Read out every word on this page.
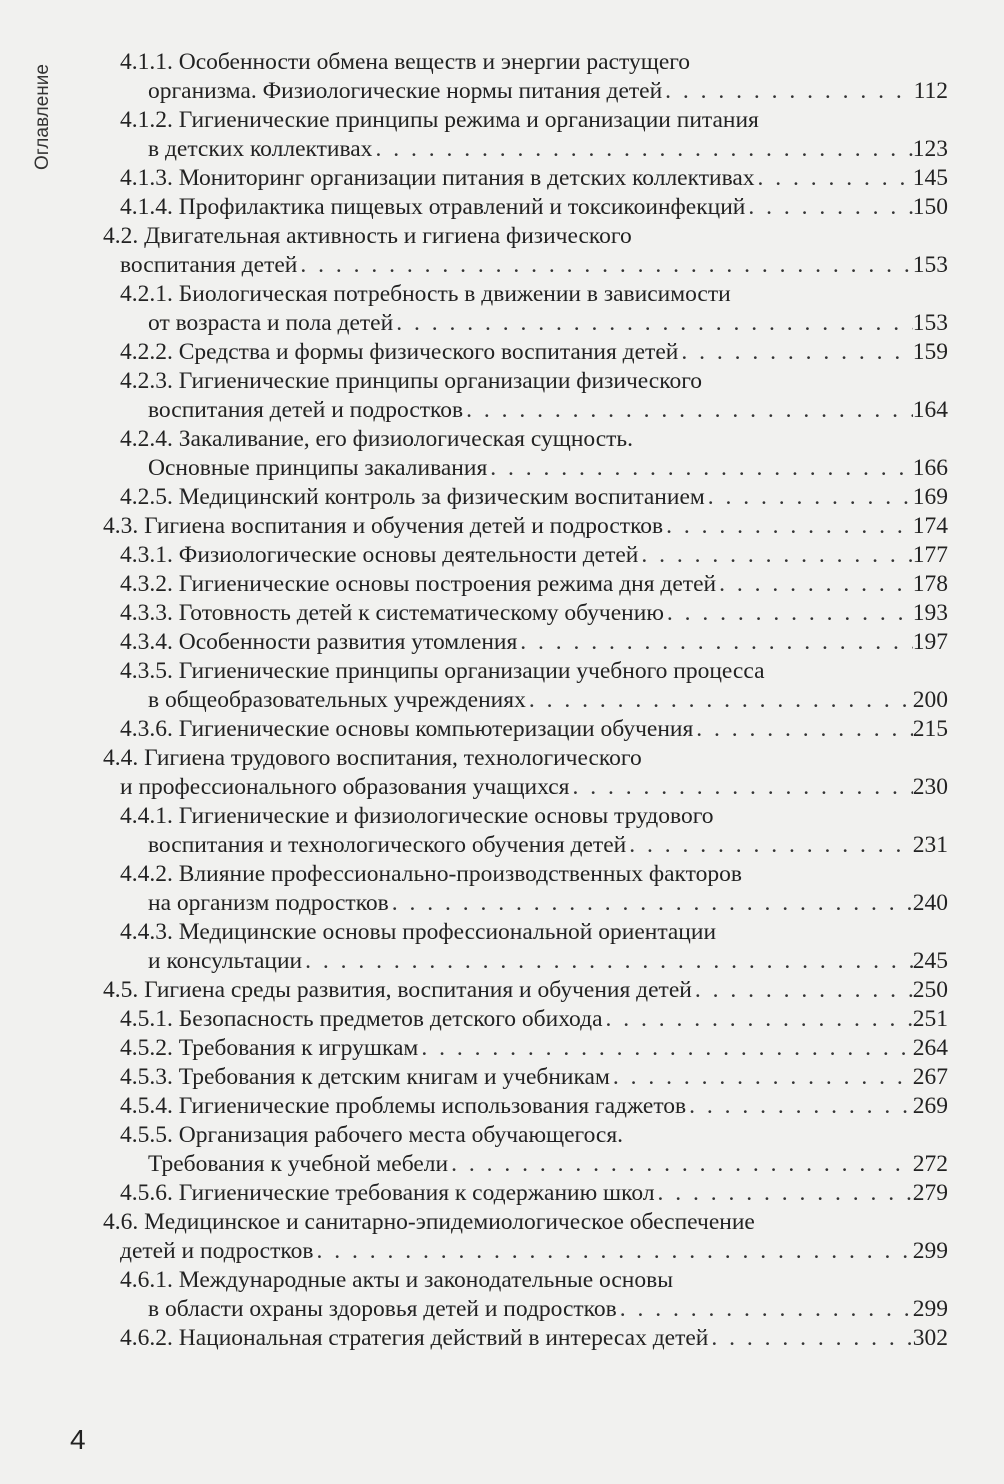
Оглавление
4.1.1. Особенности обмена веществ и энергии растущего
организма. Физиологические нормы питания детей . . .	112
4.1.2. Гигиенические принципы режима и организации питания
в детских коллективах . . .	123
4.1.3. Мониторинг организации питания в детских коллективах . . .	145
4.1.4. Профилактика пищевых отравлений и токсикоинфекций . . .	150
4.2. Двигательная активность и гигиена физического
воспитания детей . . .	153
4.2.1. Биологическая потребность в движении в зависимости
от возраста и пола детей . . .	153
4.2.2. Средства и формы физического воспитания детей . . .	159
4.2.3. Гигиенические принципы организации физического
воспитания детей и подростков . . .	164
4.2.4. Закаливание, его физиологическая сущность.
Основные принципы закаливания . . .	166
4.2.5. Медицинский контроль за физическим воспитанием . . .	169
4.3. Гигиена воспитания и обучения детей и подростков . . .	174
4.3.1. Физиологические основы деятельности детей . . .	177
4.3.2. Гигиенические основы построения режима дня детей . . .	178
4.3.3. Готовность детей к систематическому обучению . . .	193
4.3.4. Особенности развития утомления . . .	197
4.3.5. Гигиенические принципы организации учебного процесса
в общеобразовательных учреждениях . . .	200
4.3.6. Гигиенические основы компьютеризации обучения . . .	215
4.4. Гигиена трудового воспитания, технологического
и профессионального образования учащихся . . .	230
4.4.1. Гигиенические и физиологические основы трудового
воспитания и технологического обучения детей . . .	231
4.4.2. Влияние профессионально-производственных факторов
на организм подростков . . .	240
4.4.3. Медицинские основы профессиональной ориентации
и консультации . . .	245
4.5. Гигиена среды развития, воспитания и обучения детей . . .	250
4.5.1. Безопасность предметов детского обихода . . .	251
4.5.2. Требования к игрушкам . . .	264
4.5.3. Требования к детским книгам и учебникам . . .	267
4.5.4. Гигиенические проблемы использования гаджетов . . .	269
4.5.5. Организация рабочего места обучающегося.
Требования к учебной мебели . . .	272
4.5.6. Гигиенические требования к содержанию школ . . .	279
4.6. Медицинское и санитарно-эпидемиологическое обеспечение
детей и подростков . . .	299
4.6.1. Международные акты и законодательные основы
в области охраны здоровья детей и подростков . . .	299
4.6.2. Национальная стратегия действий в интересах детей . . .	302
4
